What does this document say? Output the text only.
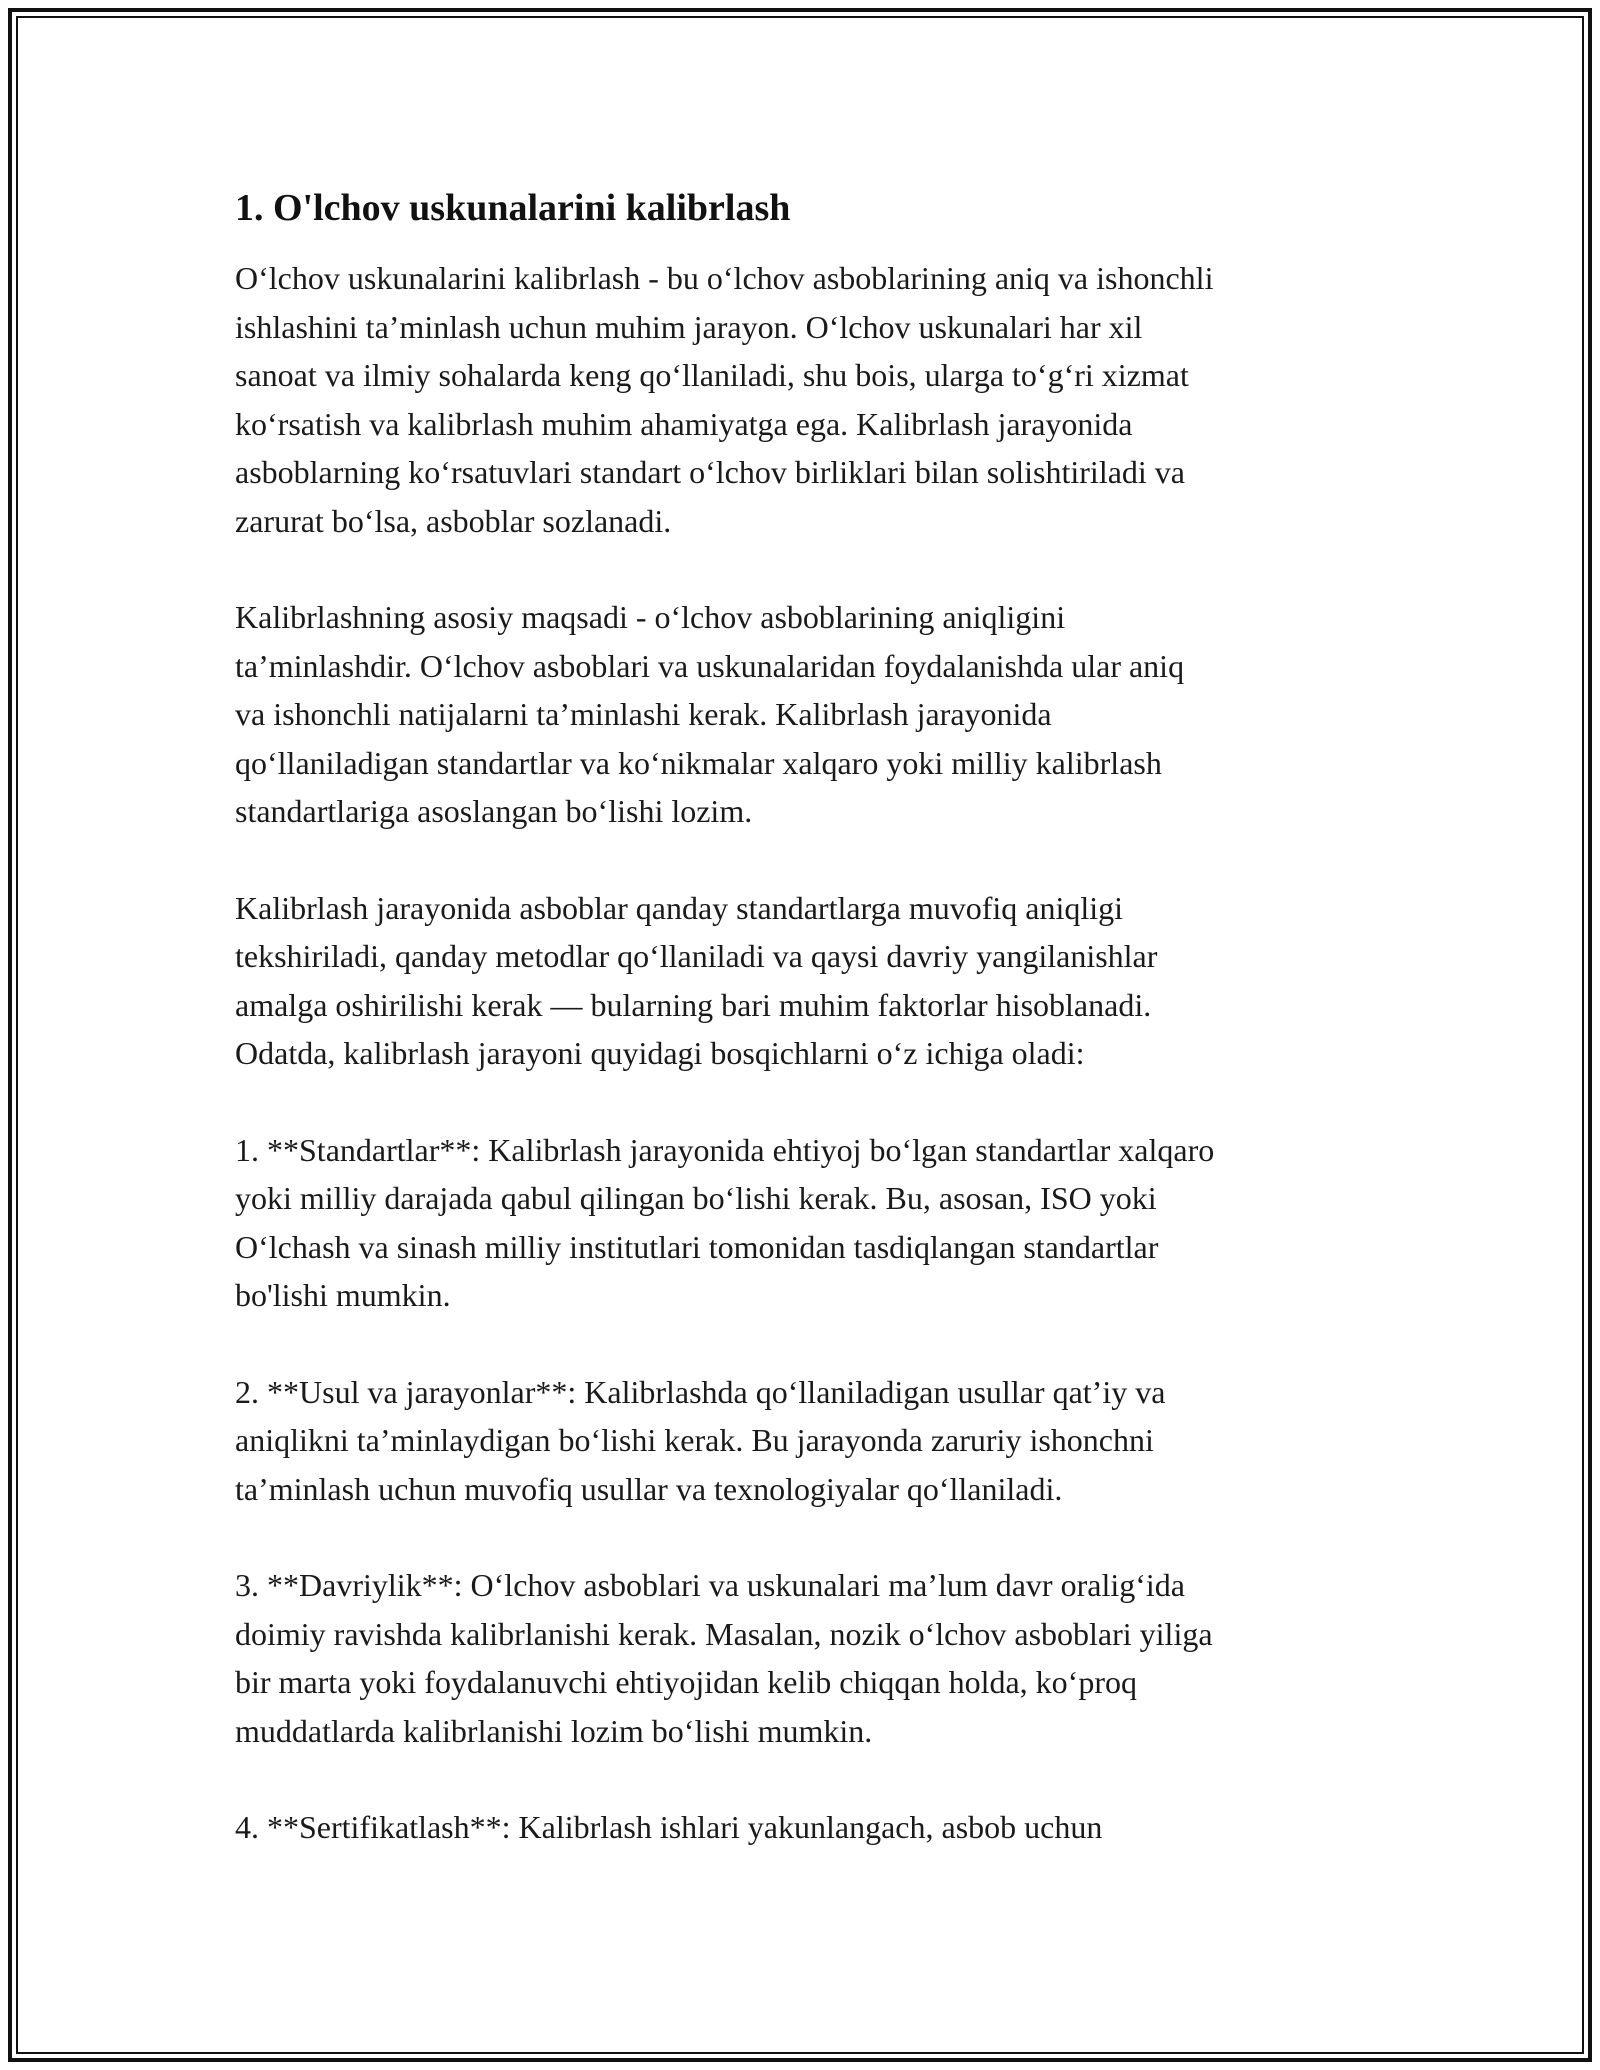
1. O'lchov uskunalarini kalibrlash

O‘lchov uskunalarini kalibrlash - bu o‘lchov asboblarining aniq va ishonchli
ishlashini ta’minlash uchun muhim jarayon. O‘lchov uskunalari har xil
sanoat va ilmiy sohalarda keng qo‘llaniladi, shu bois, ularga to‘g‘ri xizmat
ko‘rsatish va kalibrlash muhim ahamiyatga ega. Kalibrlash jarayonida
asboblarning ko‘rsatuvlari standart o‘lchov birliklari bilan solishtiriladi va
zarurat bo‘lsa, asboblar sozlanadi.

Kalibrlashning asosiy maqsadi - o‘lchov asboblarining aniqligini
ta’minlashdir. O‘lchov asboblari va uskunalaridan foydalanishda ular aniq
va ishonchli natijalarni ta’minlashi kerak. Kalibrlash jarayonida
qo‘llaniladigan standartlar va ko‘nikmalar xalqaro yoki milliy kalibrlash
standartlariga asoslangan bo‘lishi lozim.

Kalibrlash jarayonida asboblar qanday standartlarga muvofiq aniqligi
tekshiriladi, qanday metodlar qo‘llaniladi va qaysi davriy yangilanishlar
amalga oshirilishi kerak — bularning bari muhim faktorlar hisoblanadi.
Odatda, kalibrlash jarayoni quyidagi bosqichlarni o‘z ichiga oladi:

1. **Standartlar**: Kalibrlash jarayonida ehtiyoj bo‘lgan standartlar xalqaro
yoki milliy darajada qabul qilingan bo‘lishi kerak. Bu, asosan, ISO yoki
O‘lchash va sinash milliy institutlari tomonidan tasdiqlangan standartlar
bo'lishi mumkin.

2. **Usul va jarayonlar**: Kalibrlashda qo‘llaniladigan usullar qat’iy va
aniqlikni ta’minlaydigan bo‘lishi kerak. Bu jarayonda zaruriy ishonchni
ta’minlash uchun muvofiq usullar va texnologiyalar qo‘llaniladi.

3. **Davriylik**: O‘lchov asboblari va uskunalari ma’lum davr oralig‘ida
doimiy ravishda kalibrlanishi kerak. Masalan, nozik o‘lchov asboblari yiliga
bir marta yoki foydalanuvchi ehtiyojidan kelib chiqqan holda, ko‘proq
muddatlarda kalibrlanishi lozim bo‘lishi mumkin.

4. **Sertifikatlash**: Kalibrlash ishlari yakunlangach, asbob uchun
